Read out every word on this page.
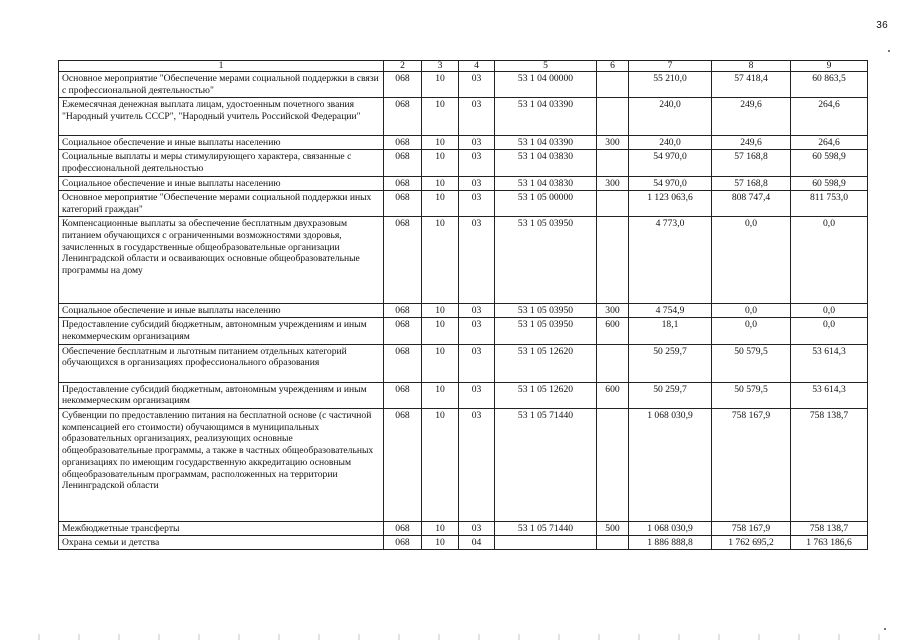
36
1	2	3	4	5	6	7	8	9
Основное мероприятие "Обеспечение мерами социальной поддержки в связи с профессиональной деятельностью"	068	10	03	53 1 04 00000		55 210,0	57 418,4	60 863,5
Ежемесячная денежная выплата лицам, удостоенным почетного звания "Народный учитель СССР", "Народный учитель Российской Федерации"	068	10	03	53 1 04 03390		240,0	249,6	264,6
Социальное обеспечение и иные выплаты населению	068	10	03	53 1 04 03390	300	240,0	249,6	264,6
Социальные выплаты и меры стимулирующего характера, связанные с профессиональной деятельностью	068	10	03	53 1 04 03830		54 970,0	57 168,8	60 598,9
Социальное обеспечение и иные выплаты населению	068	10	03	53 1 04 03830	300	54 970,0	57 168,8	60 598,9
Основное мероприятие "Обеспечение мерами социальной поддержки иных категорий граждан"	068	10	03	53 1 05 00000		1 123 063,6	808 747,4	811 753,0
Компенсационные выплаты за обеспечение бесплатным двухразовым питанием обучающихся с ограниченными возможностями здоровья, зачисленных в государственные общеобразовательные организации Ленинградской области и осваивающих основные общеобразовательные программы на дому	068	10	03	53 1 05 03950		4 773,0	0,0	0,0
Социальное обеспечение и иные выплаты населению	068	10	03	53 1 05 03950	300	4 754,9	0,0	0,0
Предоставление субсидий бюджетным, автономным учреждениям и иным некоммерческим организациям	068	10	03	53 1 05 03950	600	18,1	0,0	0,0
Обеспечение бесплатным и льготным питанием отдельных категорий обучающихся в организациях профессионального образования	068	10	03	53 1 05 12620		50 259,7	50 579,5	53 614,3
Предоставление субсидий бюджетным, автономным учреждениям и иным некоммерческим организациям	068	10	03	53 1 05 12620	600	50 259,7	50 579,5	53 614,3
Субвенции по предоставлению питания на бесплатной основе (с частичной компенсацией его стоимости) обучающимся в муниципальных образовательных организациях, реализующих основные общеобразовательные программы, а также в частных общеобразовательных организациях по имеющим государственную аккредитацию основным общеобразовательным программам, расположенных на территории Ленинградской области	068	10	03	53 1 05 71440		1 068 030,9	758 167,9	758 138,7
Межбюджетные трансферты	068	10	03	53 1 05 71440	500	1 068 030,9	758 167,9	758 138,7
Охрана семьи и детства	068	10	04			1 886 888,8	1 762 695,2	1 763 186,6
